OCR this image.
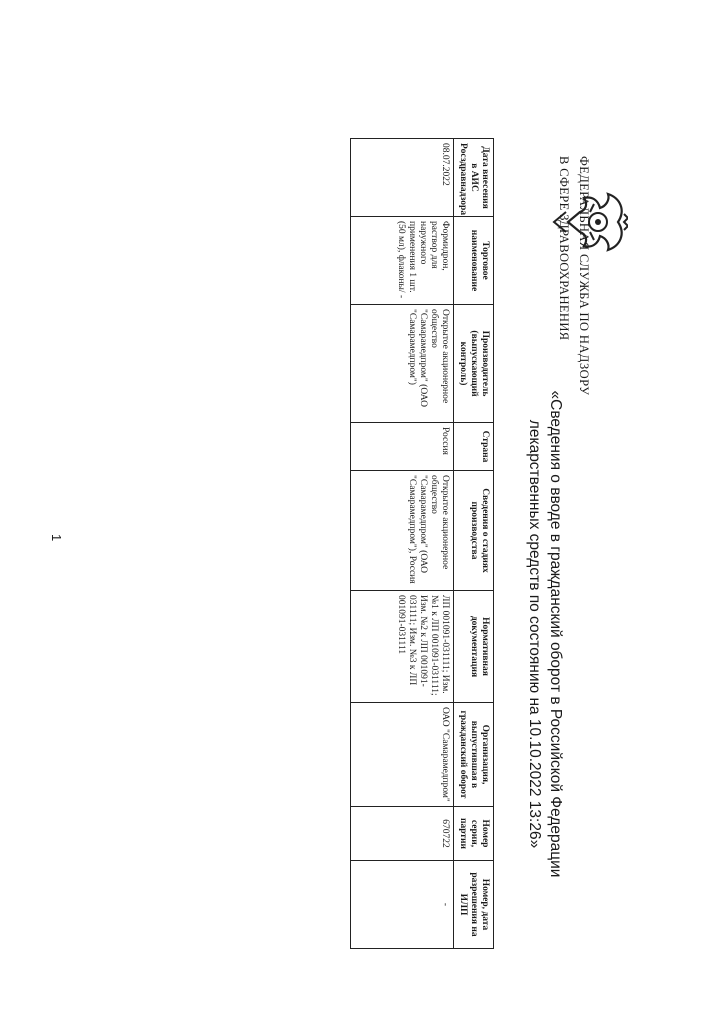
ФЕДЕРАЛЬНАЯ СЛУЖБА ПО НАДЗОРУ
В СФЕРЕ ЗДРАВООХРАНЕНИЯ
«Сведения о вводе в гражданский оборот в Российской Федерации
лекарственных средств по состоянию на 10.10.2022 13:26»
Дата внесения в АИС Росздравнадзора	Торговое наименование	Производитель (выпускающий контроль)	Страна	Сведения о стадиях производства	Нормативная документация	Организация, выпустившая в гражданский оборот	Номер серии, партии	Номер, дата разрешения на ИЛП
08.07.2022	Формидрон, раствор для наружного применения 1 шт. (50 мл), флаконы/ -	Открытое акционерное общество "Самарамедпром" (ОАО "Самарамедпром")	Россия	Открытое акционерное общество "Самарамедпром" (ОАО "Самарамедпром"), Россия	ЛП 001091-031111; Изм. №1 к ЛП 001091-031111; Изм. №2 к ЛП 001091-031111; Изм. №3 к ЛП 001091-031111	ОАО "Самарамедпром"	670722	-
1
